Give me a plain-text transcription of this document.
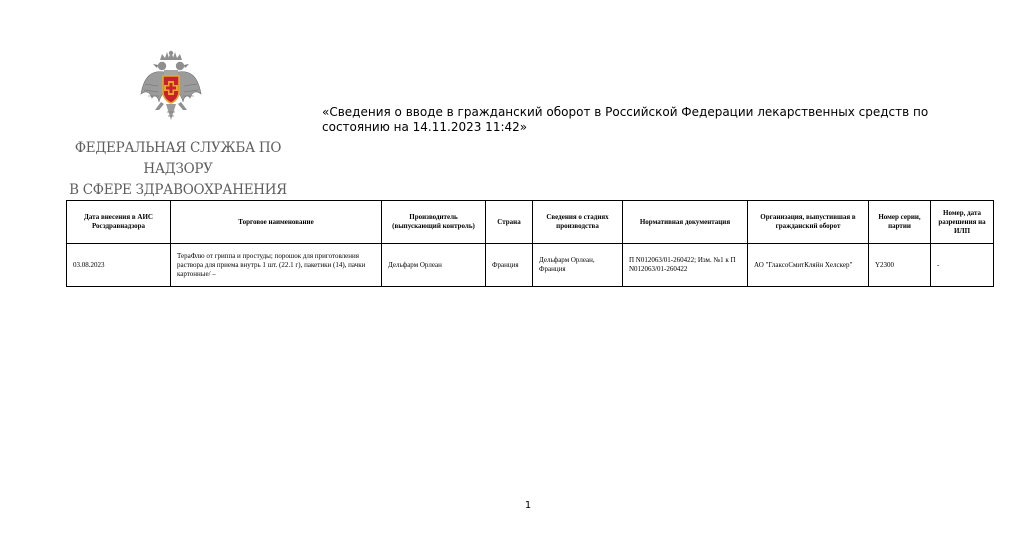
ФЕДЕРАЛЬНАЯ СЛУЖБА ПО НАДЗОРУ
В СФЕРЕ ЗДРАВООХРАНЕНИЯ
«Сведения о вводе в гражданский оборот в Российской Федерации лекарственных средств по состоянию на 14.11.2023 11:42»
Дата внесения в АИС Росздравнадзора	Торговое наименование	Производитель (выпускающий контроль)	Страна	Сведения о стадиях производства	Нормативная документация	Организация, выпустившая в гражданский оборот	Номер серии, партии	Номер, дата разрешения на ИЛП
03.08.2023	ТераФлю от гриппа и простуды; порошок для приготовления раствора для приема внутрь 1 шт. (22.1 г), пакетики (14), пачки картонные/ –	Дельфарм Орлеан	Франция	Дельфарм Орлеан, Франция	П N012063/01-260422; Изм. №1 к П N012063/01-260422	АО "ГлаксоСмитКляйн Хелскер"	Y2300	-
1
